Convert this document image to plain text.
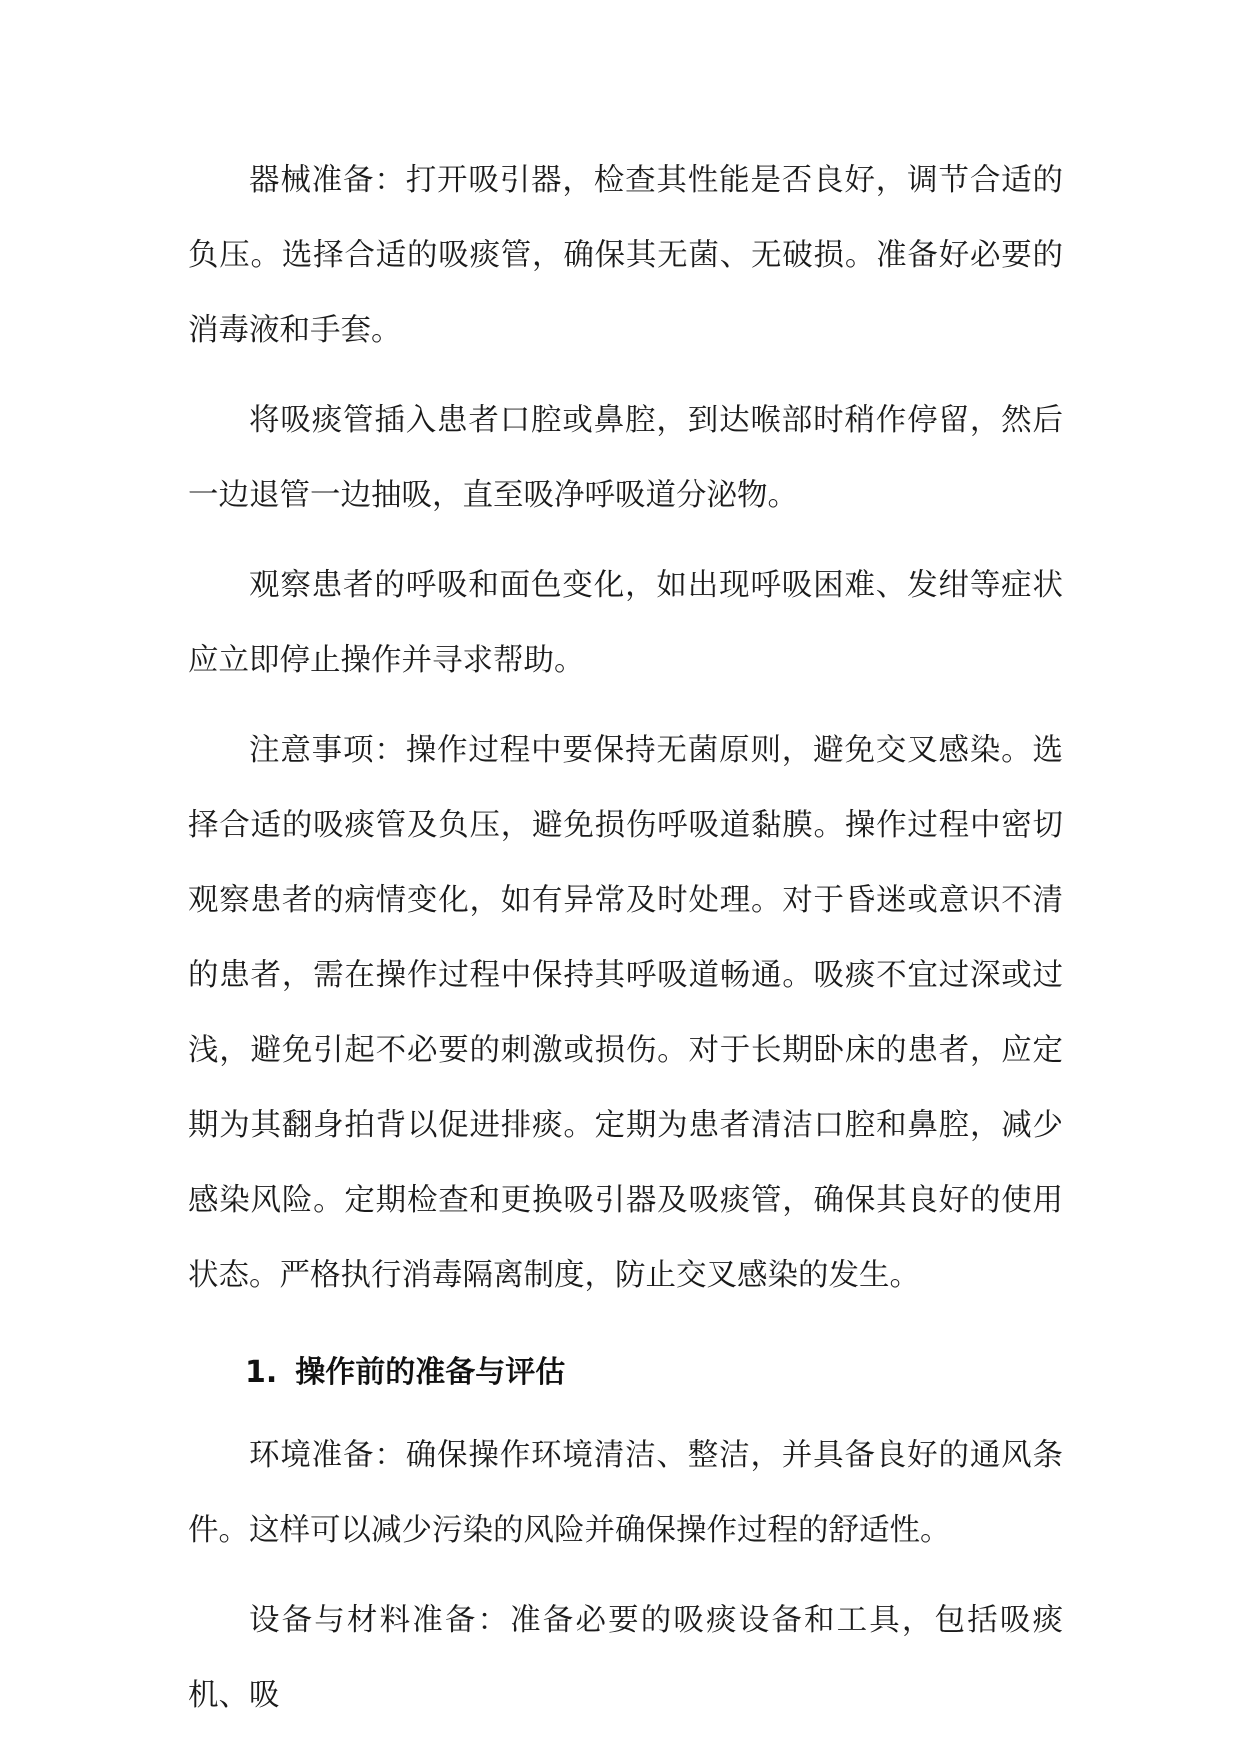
器械准备：打开吸引器，检查其性能是否良好，调节合适的负压。选择合适的吸痰管，确保其无菌、无破损。准备好必要的消毒液和手套。

将吸痰管插入患者口腔或鼻腔，到达喉部时稍作停留，然后一边退管一边抽吸，直至吸净呼吸道分泌物。

观察患者的呼吸和面色变化，如出现呼吸困难、发绀等症状应立即停止操作并寻求帮助。

注意事项：操作过程中要保持无菌原则，避免交叉感染。选择合适的吸痰管及负压，避免损伤呼吸道黏膜。操作过程中密切观察患者的病情变化，如有异常及时处理。对于昏迷或意识不清的患者，需在操作过程中保持其呼吸道畅通。吸痰不宜过深或过浅，避免引起不必要的刺激或损伤。对于长期卧床的患者，应定期为其翻身拍背以促进排痰。定期为患者清洁口腔和鼻腔，减少感染风险。定期检查和更换吸引器及吸痰管，确保其良好的使用状态。严格执行消毒隔离制度，防止交叉感染的发生。

1. 操作前的准备与评估

环境准备：确保操作环境清洁、整洁，并具备良好的通风条件。这样可以减少污染的风险并确保操作过程的舒适性。

设备与材料准备：准备必要的吸痰设备和工具，包括吸痰机、吸
